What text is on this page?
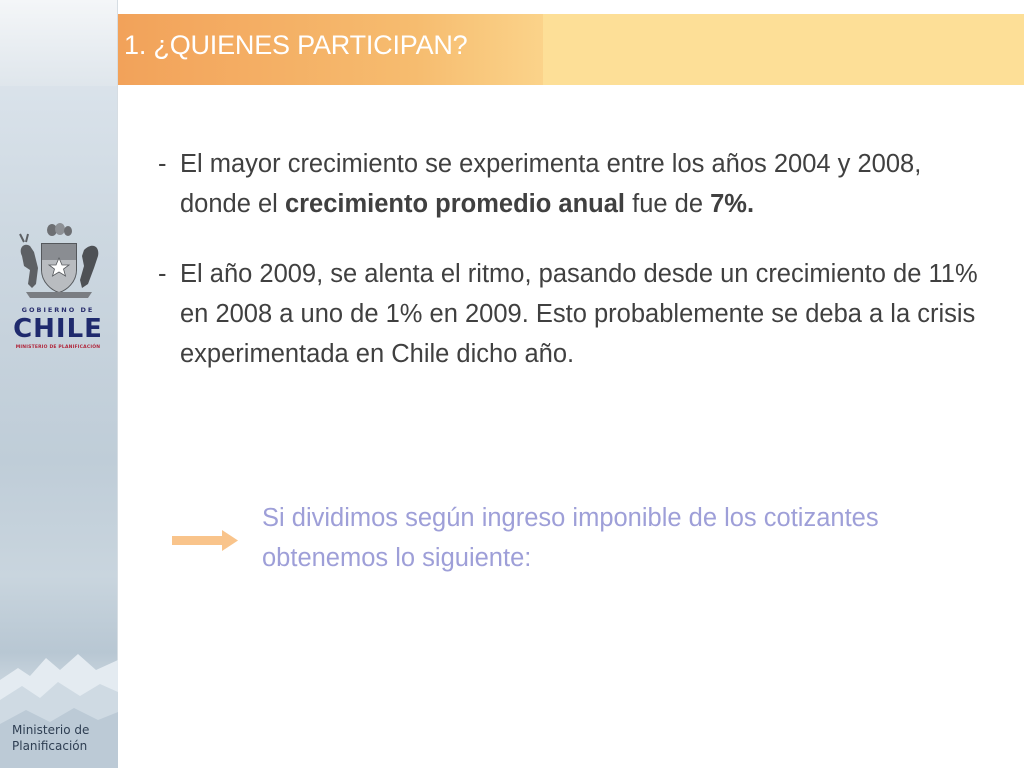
GOBIERNO DE
CHILE
MINISTERIO DE PLANIFICACIÓN
Ministerio de
Planificación
1. ¿QUIENES PARTICIPAN?
- El mayor crecimiento se experimenta entre los años 2004 y 2008, donde el crecimiento promedio anual fue de 7%.
- El año 2009, se alenta el ritmo, pasando desde un crecimiento de 11% en 2008 a uno de 1% en 2009. Esto probablemente se deba a la crisis experimentada en Chile dicho año.
Si dividimos según ingreso imponible de los cotizantes obtenemos lo siguiente:
